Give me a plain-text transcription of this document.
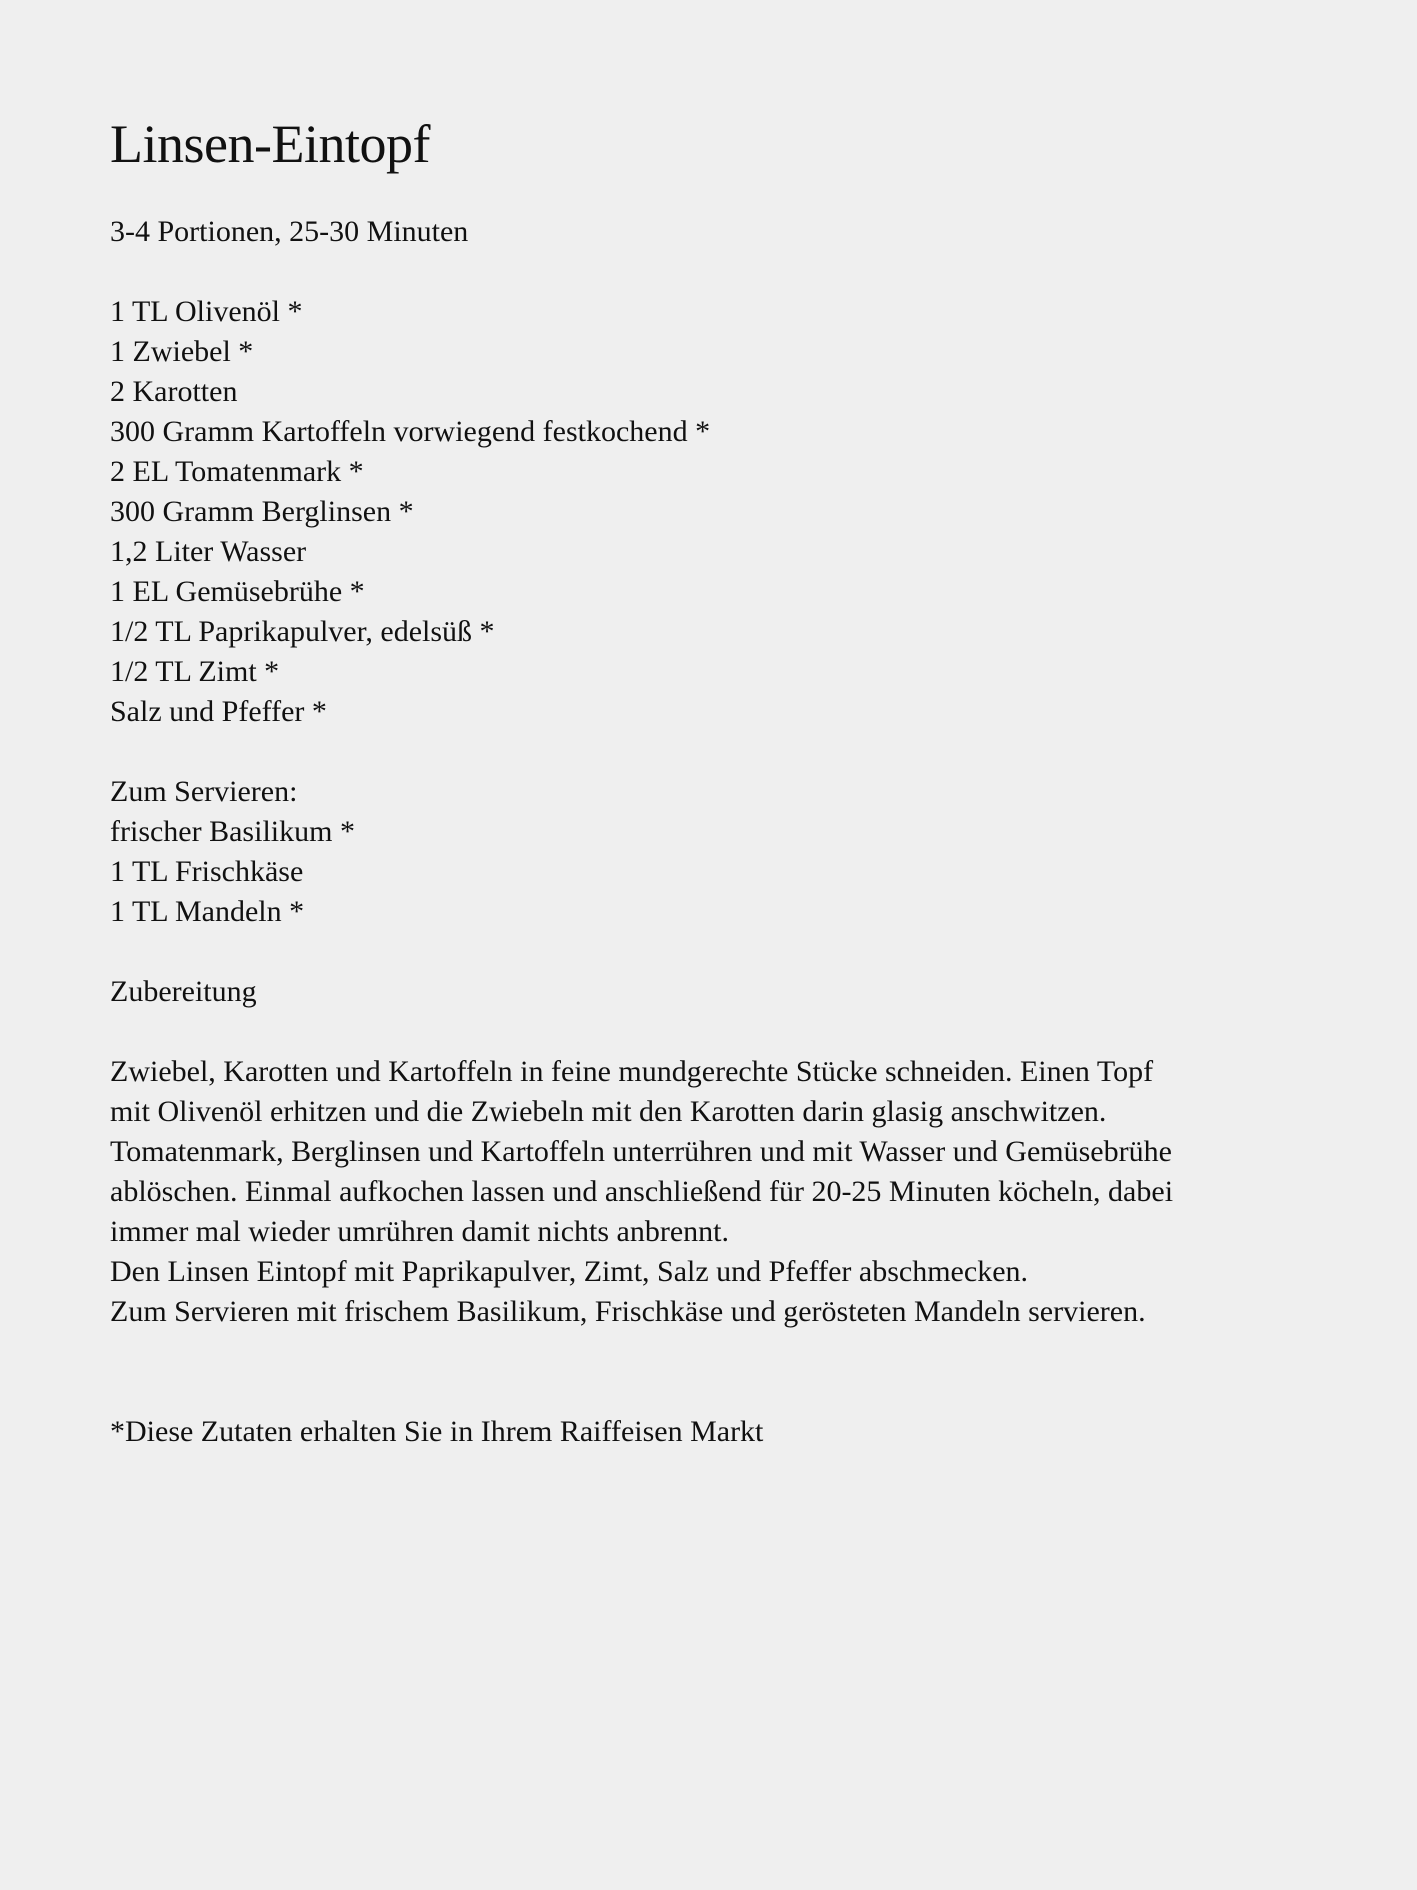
Linsen-Eintopf
3-4 Portionen, 25-30 Minuten
1 TL Olivenöl *
1 Zwiebel *
2 Karotten
300 Gramm Kartoffeln vorwiegend festkochend *
2 EL Tomatenmark *
300 Gramm Berglinsen *
1,2 Liter Wasser
1 EL Gemüsebrühe *
1/2 TL Paprikapulver, edelsüß *
1/2 TL Zimt *
Salz und Pfeffer *
Zum Servieren:
frischer Basilikum *
1 TL Frischkäse
1 TL Mandeln *
Zubereitung
Zwiebel, Karotten und Kartoffeln in feine mundgerechte Stücke schneiden. Einen Topf
mit Olivenöl erhitzen und die Zwiebeln mit den Karotten darin glasig anschwitzen.
Tomatenmark, Berglinsen und Kartoffeln unterrühren und mit Wasser und Gemüsebrühe
ablöschen. Einmal aufkochen lassen und anschließend für 20-25 Minuten köcheln, dabei
immer mal wieder umrühren damit nichts anbrennt.
Den Linsen Eintopf mit Paprikapulver, Zimt, Salz und Pfeffer abschmecken.
Zum Servieren mit frischem Basilikum, Frischkäse und gerösteten Mandeln servieren.
*Diese Zutaten erhalten Sie in Ihrem Raiffeisen Markt
